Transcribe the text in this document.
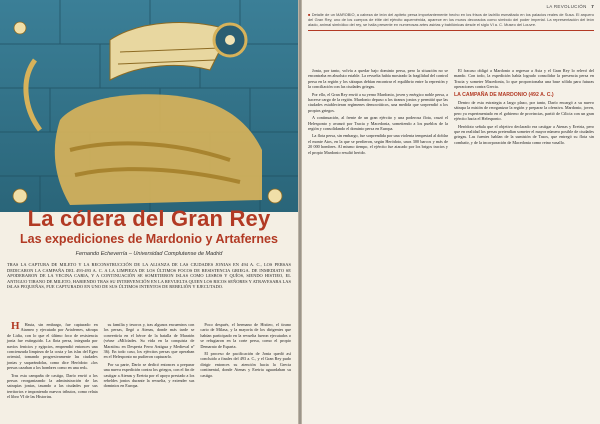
La cólera del Gran Rey
Las expediciones de Mardonio y Artafernes
Fernando Echeverría – Universidad Complutense de Madrid
TRAS LA CAPTURA DE MILETO Y LA RECONSTRUCCIÓN DE LA ALIANZA DE LAS CIUDADES JONIAS EN 494 A. C., LOS PERSAS DEDICARON LA CAMPAÑA DEL 493-493 A. C. A LA LIMPIEZA DE LOS ÚLTIMOS FOCOS DE RESISTENCIA GRIEGA. DE INMEDIATO SE APODERARON DE LA VECINA CARIA, Y A CONTINUACIÓN SE SOMETIERON ISLAS COMO LESBOS Y QUÍOS, SIENDO HISTIEO, EL ANTIGUO TIRANO DE MILETO, HABIENDO TRAS SU INTERVENCIÓN EN LA REVUELTA QUIEN LOS RICOS SEÑORES Y ATRAVESABA LAS ISLAS PEQUEÑAS, FUE CAPTURADO EN UNO DE SUS ÚLTIMOS INTENTOS DE REBELIÓN Y EJECUTADO.

H Hasta, sin embargo, fue capturado en Atarneo y ejecutado por Artafernes, sátrapa de Lidia, con lo que el último foco de resistencia jonia fue extinguido. La flota persa, integrada por navíos fenicios y egipcios, emprendió entonces una concienzuda limpieza de la costa y las islas del Egeo oriental, tomando progresivamente las ciudades jonias y saqueándolas, como dice Heródoto: «los persas cazaban a los hombres como en una red».

Tras esta campaña de castigo, Darío envió a los persas reorganizando la administración de las satrapías jonias, tasando a las ciudades por sus territorios e imponiendo nuevos tributos, como relata el libro VI de las Historias.

su familia y tesoros y, tras algunos encuentros con los persas, llegó a Atenas, donde más tarde se convertiría en el héroe de la batalla de Maratón (véase «Milcíades. Su vida en la conquista de Maratón» en Desperta Ferro Antigua y Medieval nº 36). En todo caso, los ejércitos persas que operaban en el Helesponto no pudieron capturarlo.

Por su parte, Darío se dedicó entonces a preparar una nueva expedición contra los griegos, con el fin de castigar a Atenas y Eretria por el apoyo prestado a los rebeldes jonios durante la revuelta, y extender sus dominios en Europa.

Poco después, el hermano de Histieo, el tirano cario de Milasa, y la mayoría de los dirigentes que habían participado en la revuelta fueron ejecutados o se refugiaron en la corte persa, como el propio Demarato de Esparta.

El proceso de pacificación de Jonia quedó así concluido a finales del 493 a. C., y el Gran Rey pudo dirigir entonces su atención hacia la Grecia continental, donde Atenas y Eretria aguardaban su castigo.

LA REVOLUCIÓN 7
■ Detalle de un MAROBIO, a cabeza de león del apíteto persa importantemente hecho en los frisos de ladrillo esmaltado en los palacios reales de Susa. El arquero del Gran Rey, uno de los cuerpos de élite del ejército aqueménida, aparece en los muros decorados como símbolo del poder imperial. La representación del león alado, animal simbólico del rey, se halla presente en numerosas artes asirias y babilónicas desde el siglo VI a. C. Museo del Louvre.

Jonia, por tanto, volvía a quedar bajo dominio persa, pero la situación no se encontraba en absoluto estable. La revuelta había mostrado la fragilidad del control persa en la región y los sátrapas debían encontrar el equilibrio entre la represión y la conciliación con las ciudades griegas.

Por ello, el Gran Rey envió a su yerno Mardonio, joven y enérgico noble persa, a hacerse cargo de la región. Mardonio depuso a los tiranos jonios y permitió que las ciudades establecieran regímenes democráticos, una medida que sorprendió a los propios griegos.

A continuación, al frente de un gran ejército y una poderosa flota, cruzó el Helesponto y avanzó por Tracia y Macedonia, sometiendo a los pueblos de la región y consolidando el dominio persa en Europa.

La flota persa, sin embargo, fue sorprendida por una violenta tempestad al doblar el monte Atos, en la que se perdieron, según Heródoto, unos 300 barcos y más de 20 000 hombres. Al mismo tiempo, el ejército fue atacado por los brigos tracios y el propio Mardonio resultó herido.

El fracaso obligó a Mardonio a regresar a Asia y el Gran Rey lo relevó del mando. Con todo, la expedición había logrado consolidar la presencia persa en Tracia y someter Macedonia, lo que proporcionaba una base sólida para futuras operaciones contra Grecia.

LA CAMPAÑA DE MARDONIO (492 A. C.)

Dentro de esta estrategia a largo plazo, por tanto, Darío encargó a su nuevo sátrapa la misión de reorganizar la región y preparar la ofensiva. Mardonio, joven, pero ya experimentado en el gobierno de provincias, partió de Cilicia con un gran ejército hacia el Helesponto.

Heródoto señala que el objetivo declarado era castigar a Atenas y Eretria, pero que en realidad los persas pretendían someter el mayor número posible de ciudades griegas. Las fuentes hablan de la sumisión de Tasos, que entregó su flota sin combatir, y de la incorporación de Macedonia como reino vasallo.
